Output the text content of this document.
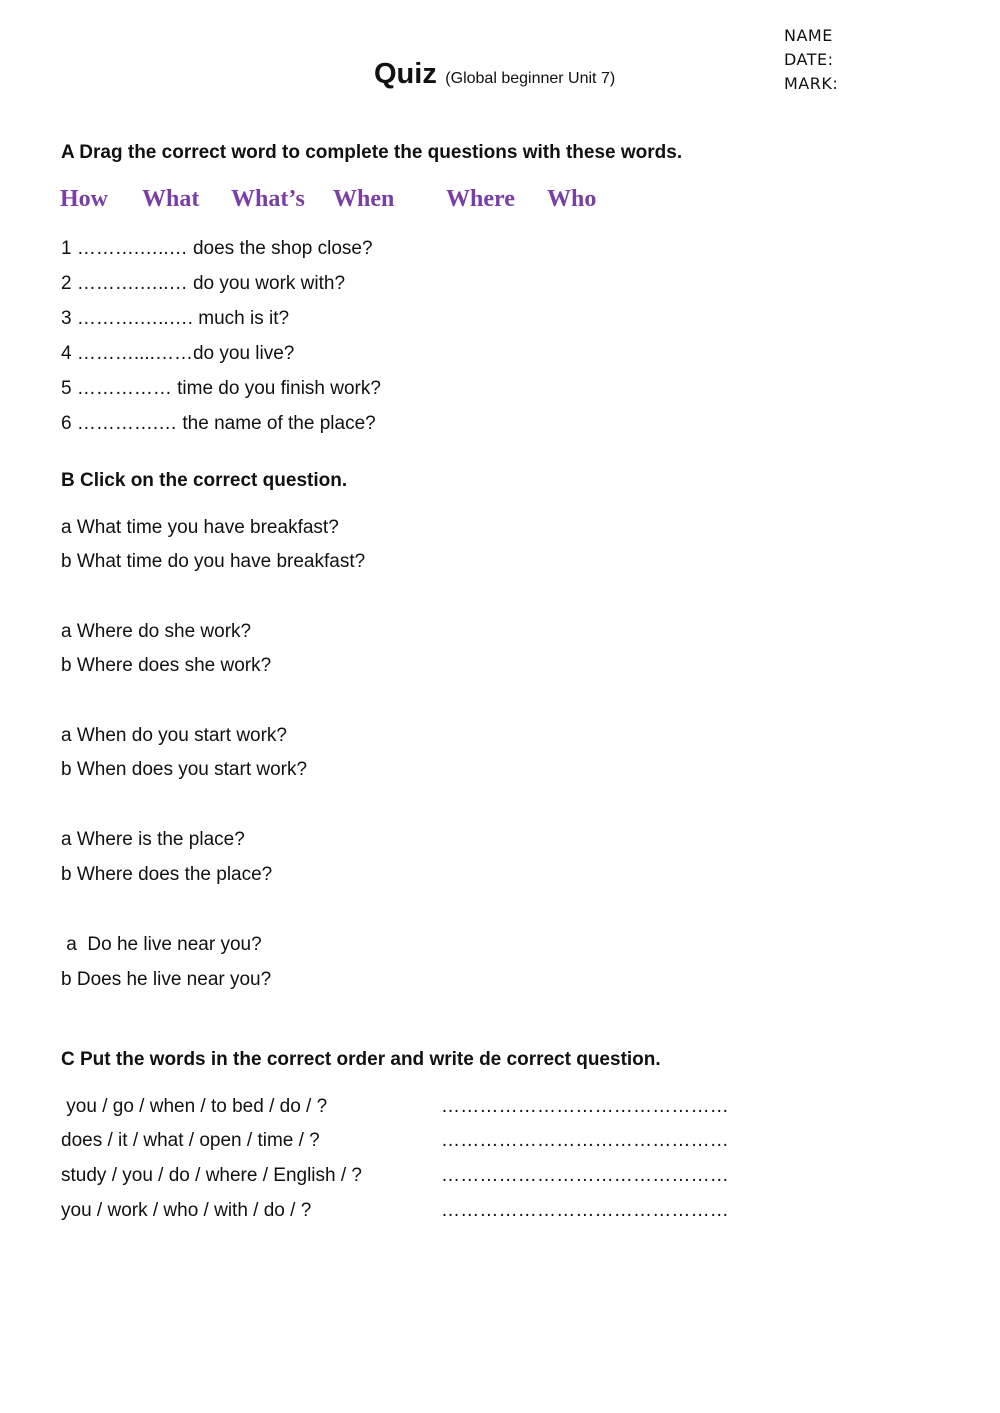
NAME
DATE:
MARK:
Quiz (Global beginner Unit 7)
A Drag the correct word to complete the questions with these words.
How What What’s When Where Who
1 ……….…..… does the shop close?
2 ……….…..… do you work with?
3 ……….…..…. much is it?
4 ………....……do you live?
5 …………… time do you finish work?
6 ………….… the name of the place?
B Click on the correct question.
a What time you have breakfast?
b What time do you have breakfast?
a Where do she work?
b Where does she work?
a When do you start work?
b When does you start work?
a Where is the place?
b Where does the place?
a  Do he live near you?
b Does he live near you?
C Put the words in the correct order and write de correct question.
you / go / when / to bed / do / ?	………………………………………
does / it / what / open / time / ?	………………………………………
study / you / do / where / English / ?	………………………………………
you / work / who / with / do / ?	………………………………………
